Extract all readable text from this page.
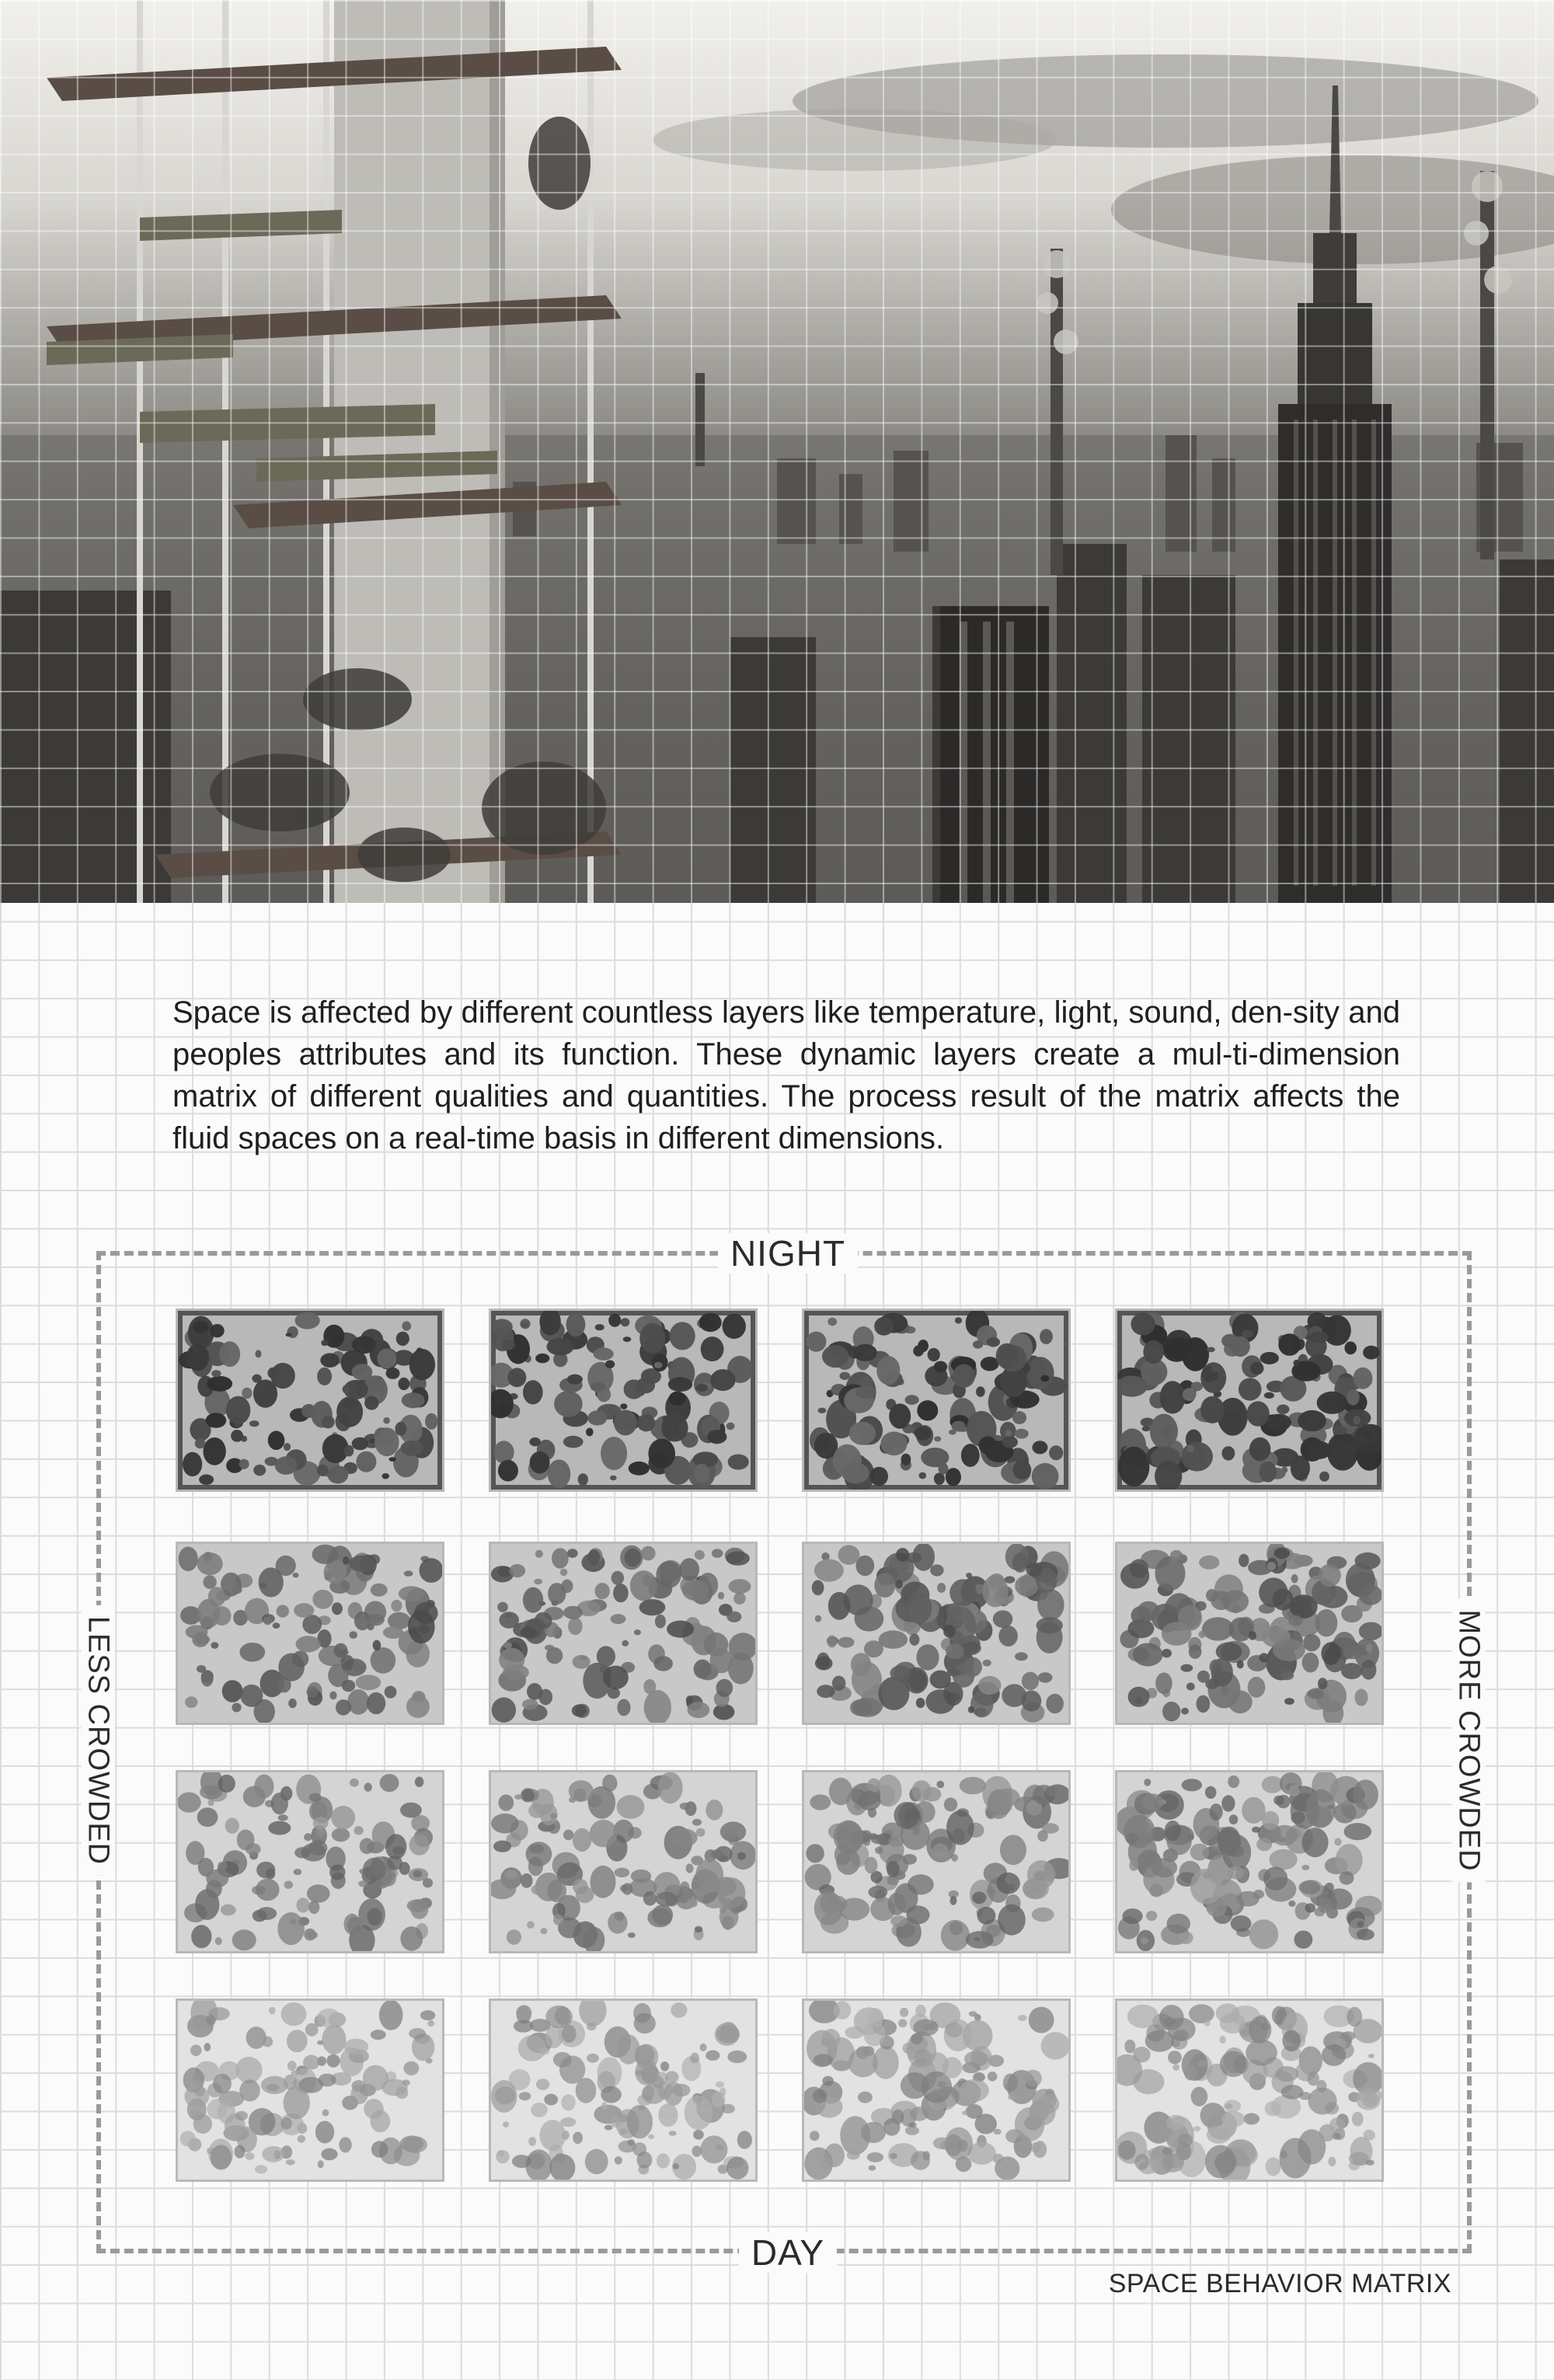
Space is affected by different countless layers like temperature, light, sound, den-sity and peoples attributes and its function. These dynamic layers create a mul-ti-dimension matrix of different qualities and quantities. The process result of the matrix affects the fluid spaces on a real-time basis in different dimensions.

NIGHT
DAY
LESS CROWDED	MORE CROWDED
SPACE BEHAVIOR MATRIX
